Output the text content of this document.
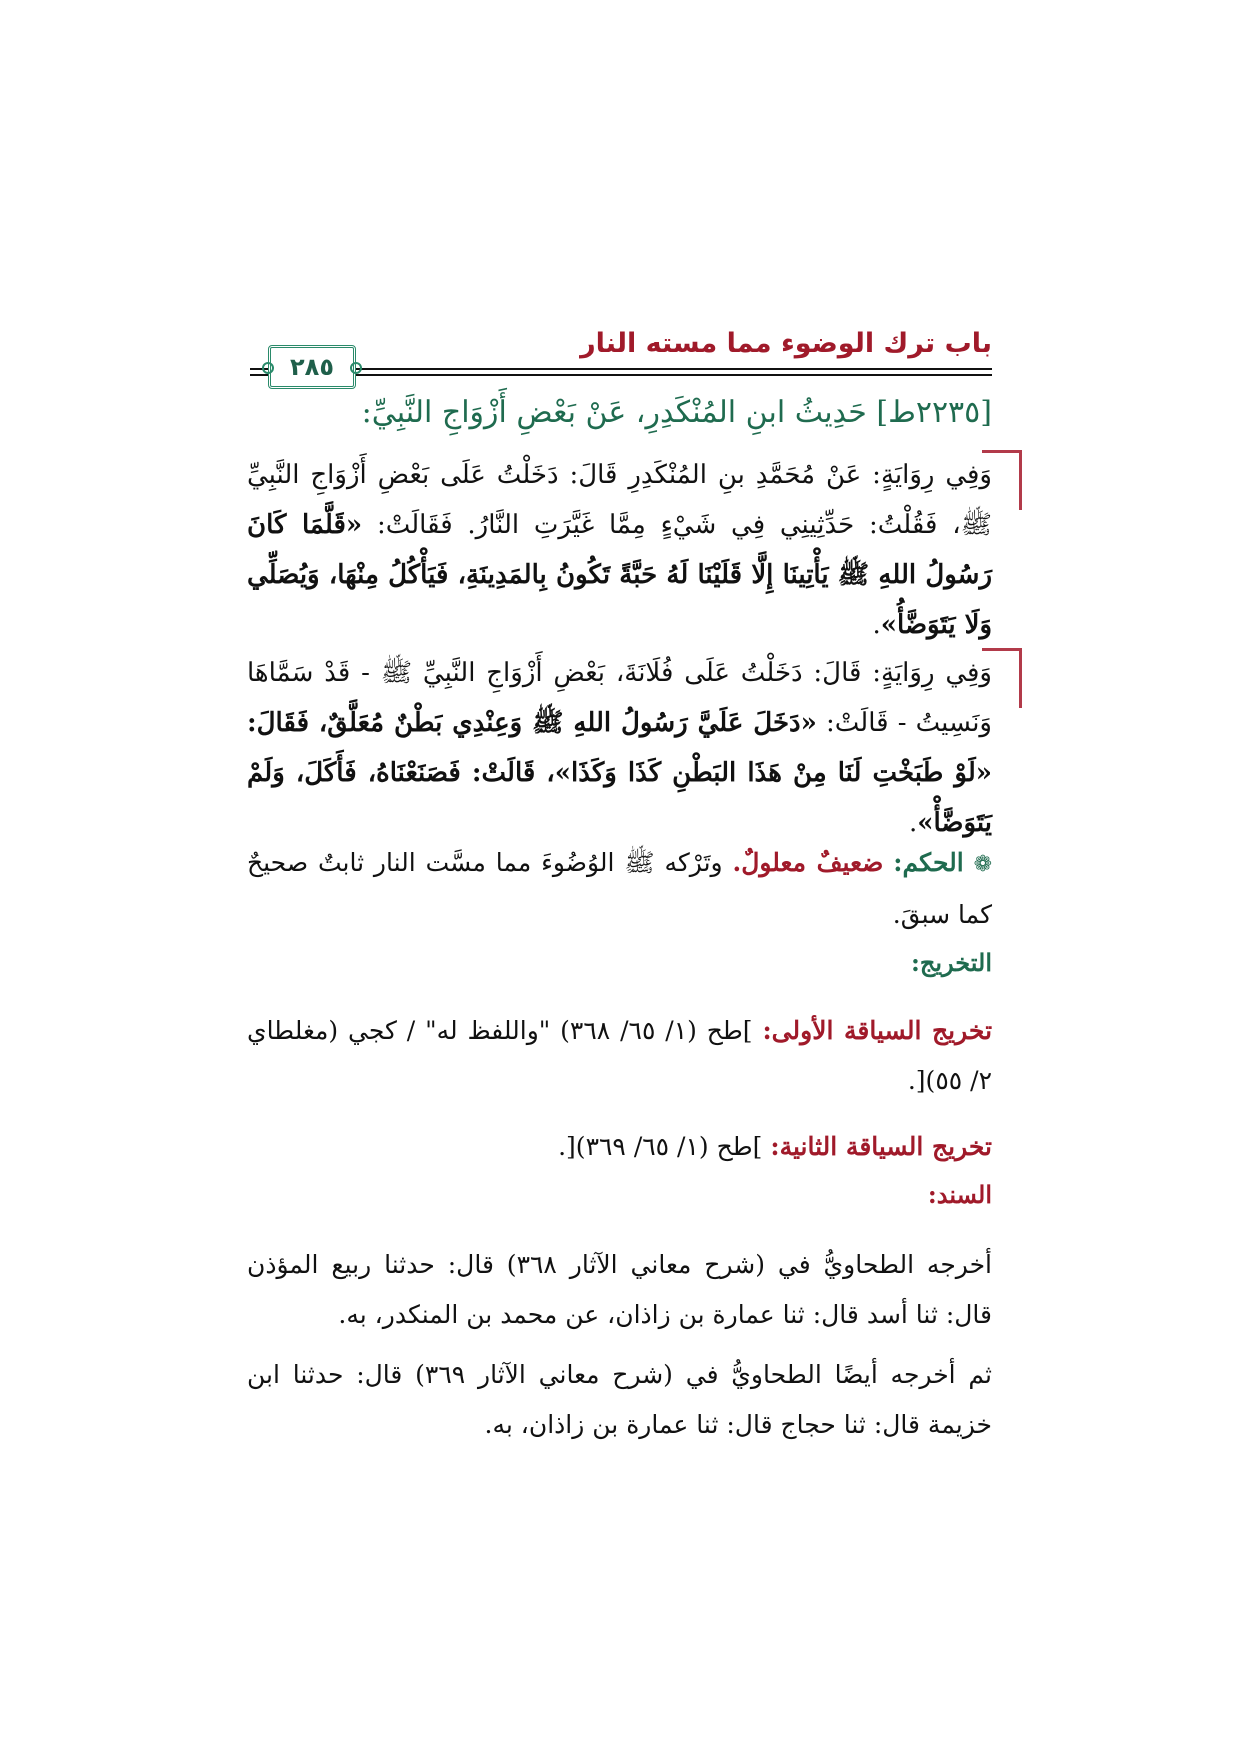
باب ترك الوضوء مما مسته النار
٢٨٥
[٢٢٣٥ط] حَدِيثُ ابنِ المُنْكَدِرِ، عَنْ بَعْضِ أَزْوَاجِ النَّبِيِّ:
وَفِي رِوَايَةٍ: عَنْ مُحَمَّدِ بنِ المُنْكَدِرِ قَالَ: دَخَلْتُ عَلَى بَعْضِ أَزْوَاجِ النَّبِيِّ ﷺ، فَقُلْتُ: حَدِّثِينِي فِي شَيْءٍ مِمَّا غَيَّرَتِ النَّارُ. فَقَالَتْ: «قَلَّمَا كَانَ رَسُولُ اللهِ ﷺ يَأْتِينَا إِلَّا قَلَيْنَا لَهُ حَبَّةً تَكُونُ بِالمَدِينَةِ، فَيَأْكُلُ مِنْهَا، وَيُصَلِّي وَلَا يَتَوَضَّأُ».
وَفِي رِوَايَةٍ: قَالَ: دَخَلْتُ عَلَى فُلَانَةَ، بَعْضِ أَزْوَاجِ النَّبِيِّ ﷺ - قَدْ سَمَّاهَا وَنَسِيتُ - قَالَتْ: «دَخَلَ عَلَيَّ رَسُولُ اللهِ ﷺ وَعِنْدِي بَطْنٌ مُعَلَّقٌ، فَقَالَ: «لَوْ طَبَخْتِ لَنَا مِنْ هَذَا البَطْنِ كَذَا وَكَذَا»، قَالَتْ: فَصَنَعْنَاهُ، فَأَكَلَ، وَلَمْ يَتَوَضَّأْ».
❁ الحكم: ضعيفٌ معلولٌ. وتَرْكه ﷺ الوُضُوءَ مما مسَّت النار ثابتٌ صحيحٌ كما سبقَ.
التخريج:
تخريج السياقة الأولى: ]طح (١/ ٦٥/ ٣٦٨) "واللفظ له" / كجي (مغلطاي ٢/ ٥٥)[.
تخريج السياقة الثانية: ]طح (١/ ٦٥/ ٣٦٩)[.
السند:
أخرجه الطحاويُّ في (شرح معاني الآثار ٣٦٨) قال: حدثنا ربيع المؤذن قال: ثنا أسد قال: ثنا عمارة بن زاذان، عن محمد بن المنكدر، به.
ثم أخرجه أيضًا الطحاويُّ في (شرح معاني الآثار ٣٦٩) قال: حدثنا ابن خزيمة قال: ثنا حجاج قال: ثنا عمارة بن زاذان، به.
